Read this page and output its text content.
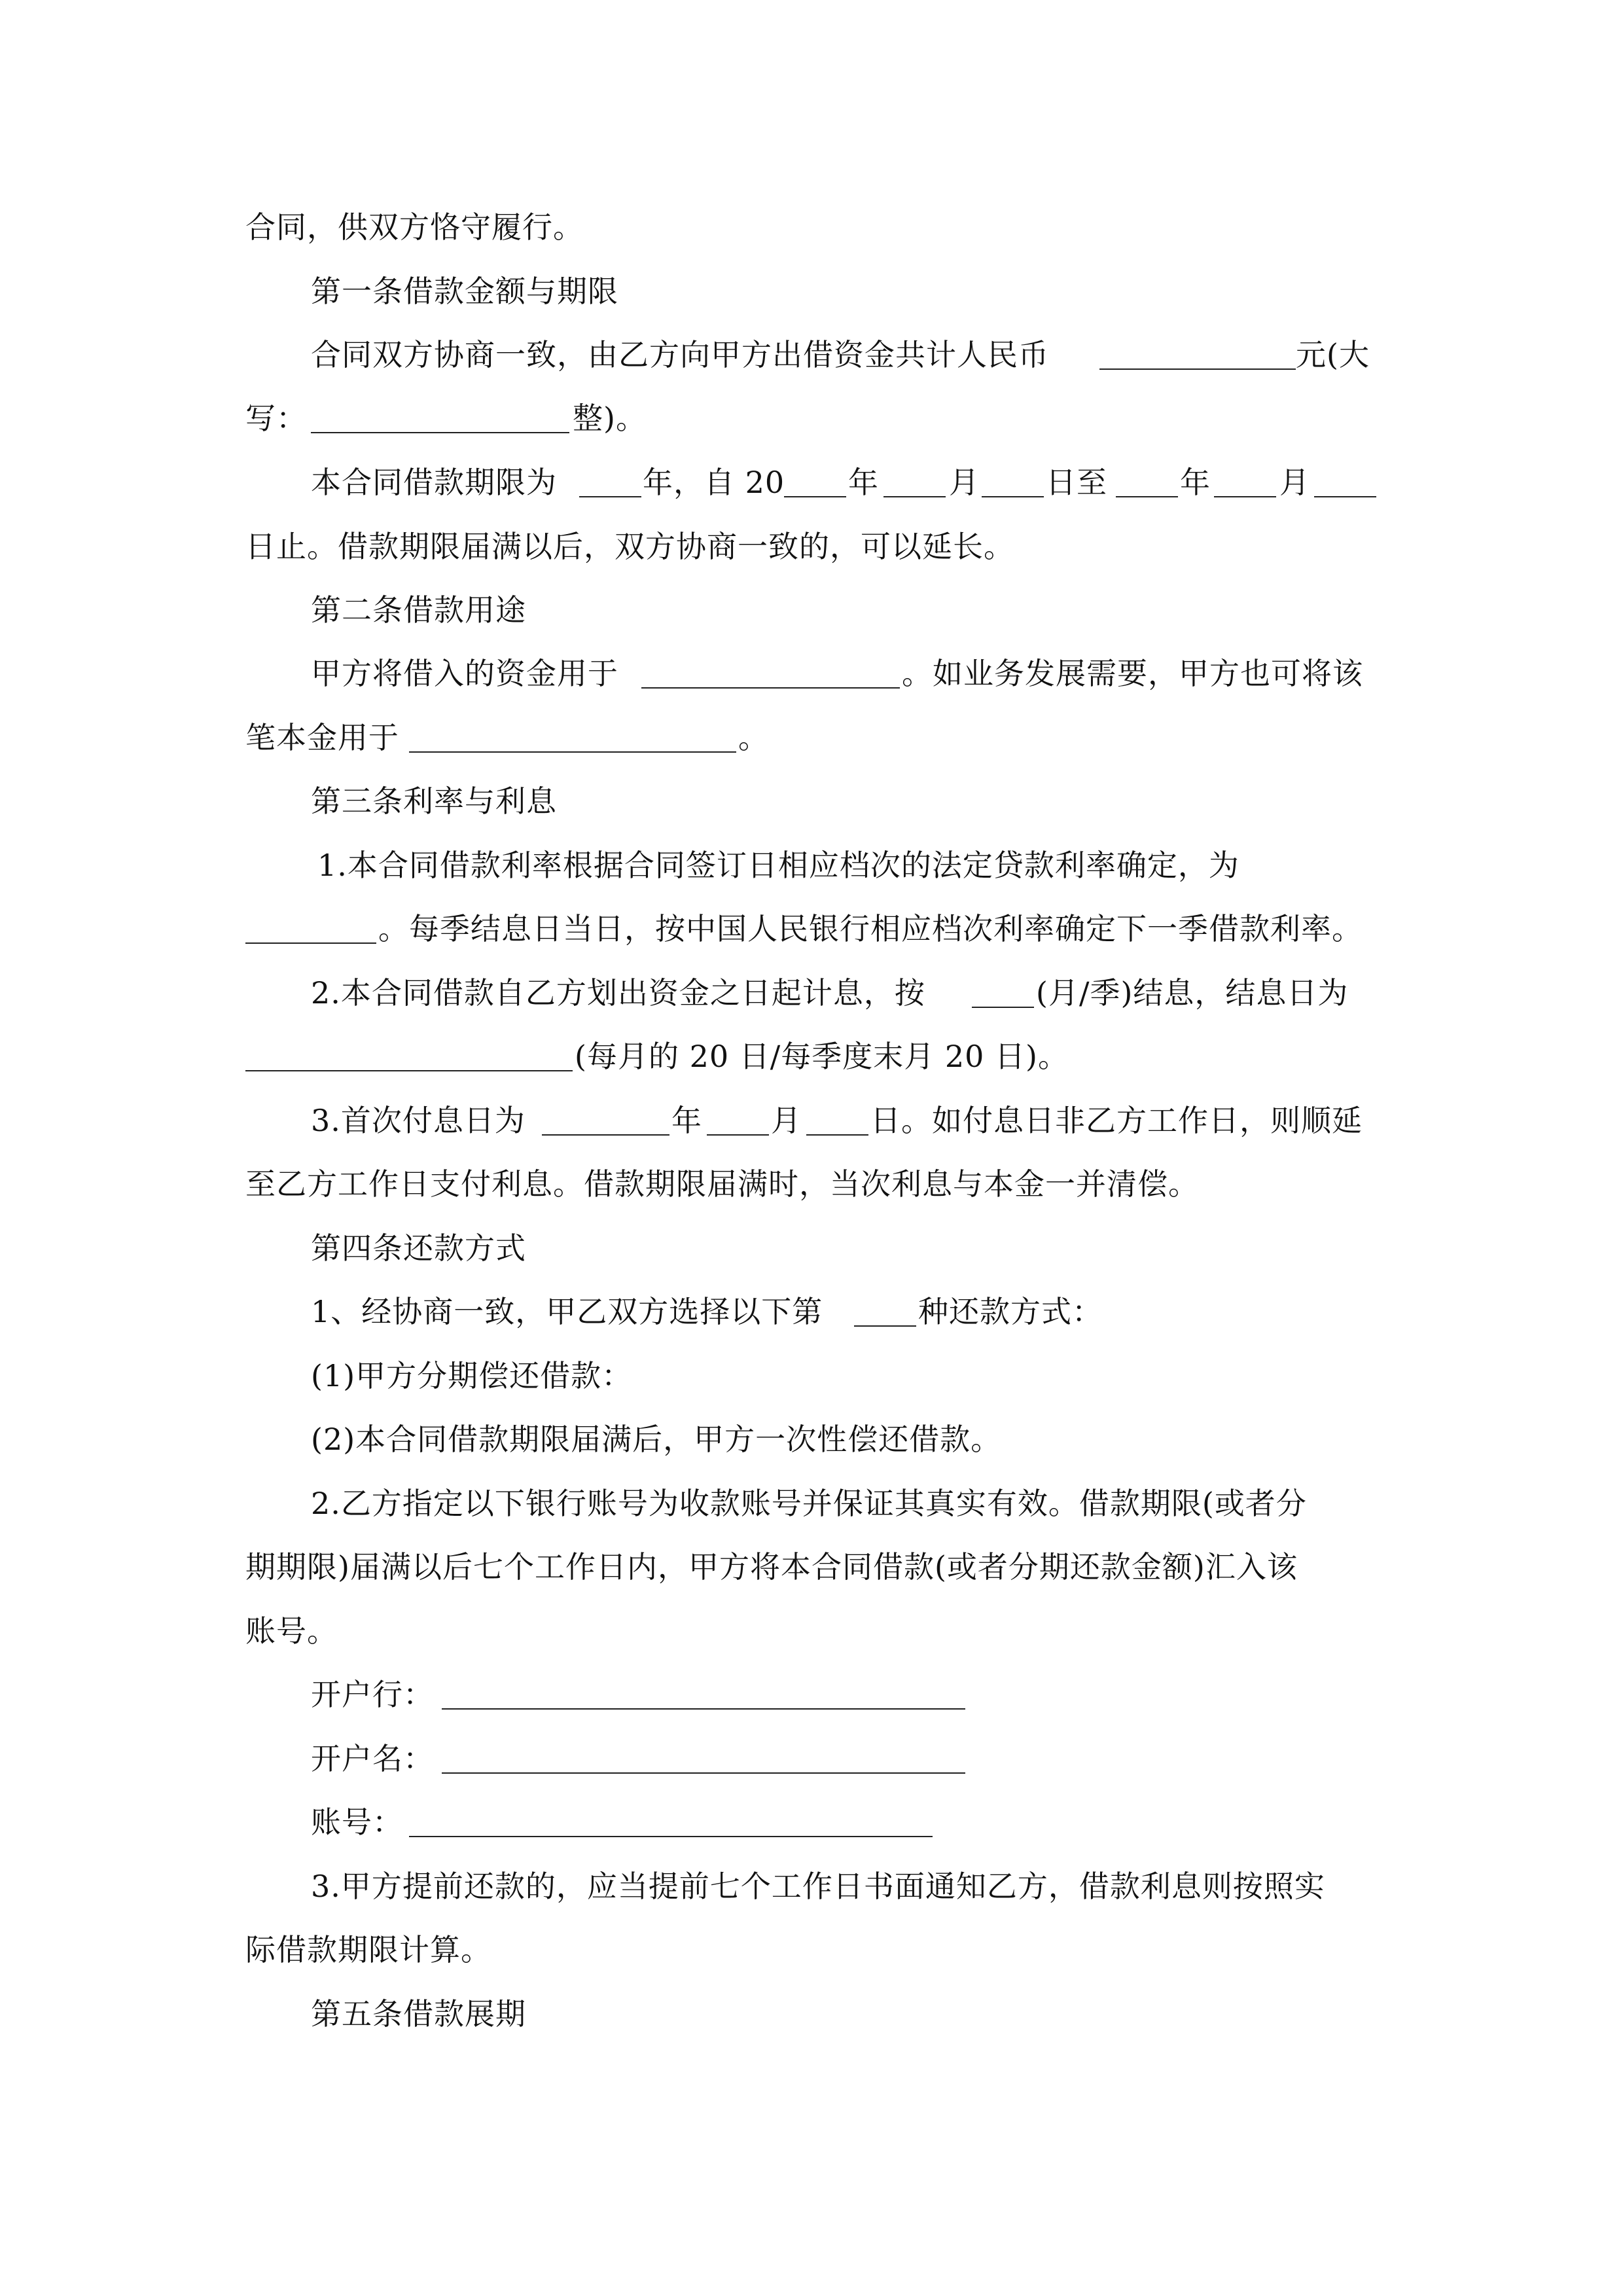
合同，供双方恪守履行。
第一条借款金额与期限
合同双方协商一致，由乙方向甲方出借资金共计人民币	元(大
写：	整)。
本合同借款期限为	年，自 20 年 月 日至 年 月
日止。借款期限届满以后，双方协商一致的，可以延长。
第二条借款用途
甲方将借入的资金用于	。如业务发展需要，甲方也可将该
笔本金用于	。
第三条利率与利息
1.本合同借款利率根据合同签订日相应档次的法定贷款利率确定，为
。每季结息日当日，按中国人民银行相应档次利率确定下一季借款利率。
2.本合同借款自乙方划出资金之日起计息，按	(月/季)结息，结息日为
(每月的 20 日/每季度末月 20 日)。
3.首次付息日为	年 月 日。如付息日非乙方工作日，则顺延
至乙方工作日支付利息。借款期限届满时，当次利息与本金一并清偿。
第四条还款方式
1、经协商一致，甲乙双方选择以下第	种还款方式：
(1)甲方分期偿还借款：
(2)本合同借款期限届满后，甲方一次性偿还借款。
2.乙方指定以下银行账号为收款账号并保证其真实有效。借款期限(或者分
期期限)届满以后七个工作日内，甲方将本合同借款(或者分期还款金额)汇入该
账号。
开户行：
开户名：
账号：
3.甲方提前还款的，应当提前七个工作日书面通知乙方，借款利息则按照实
际借款期限计算。
第五条借款展期
